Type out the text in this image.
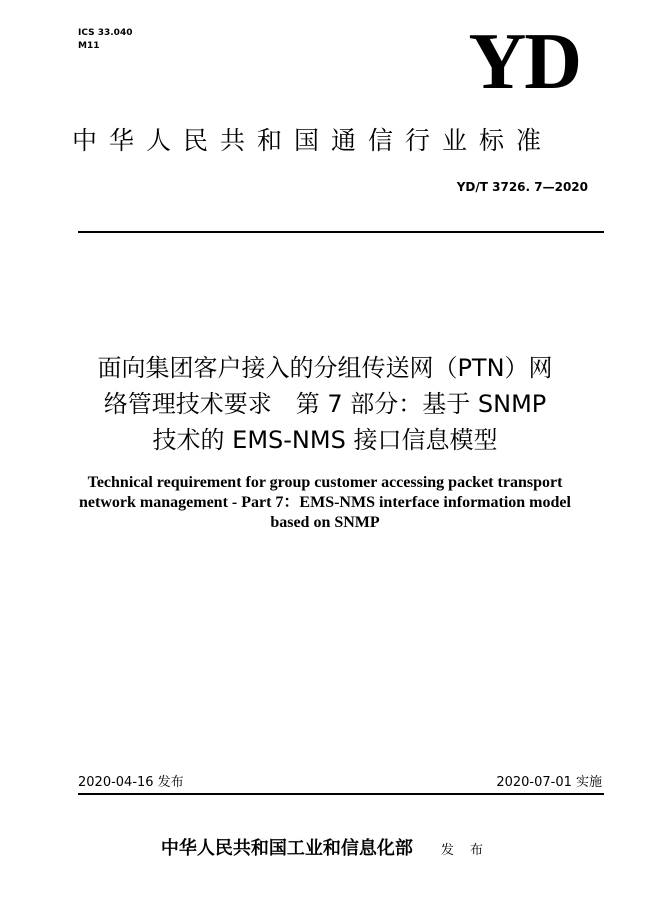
ICS 33.040
M11	YD
中华人民共和国通信行业标准
YD/T 3726. 7—2020
面向集团客户接入的分组传送网（PTN）网
络管理技术要求　第 7 部分：基于 SNMP
技术的 EMS-NMS 接口信息模型
Technical requirement for group customer accessing packet transport
network management - Part 7：EMS-NMS interface information model
based on SNMP
2020-04-16 发布	2020-07-01 实施
中华人民共和国工业和信息化部 发 布
